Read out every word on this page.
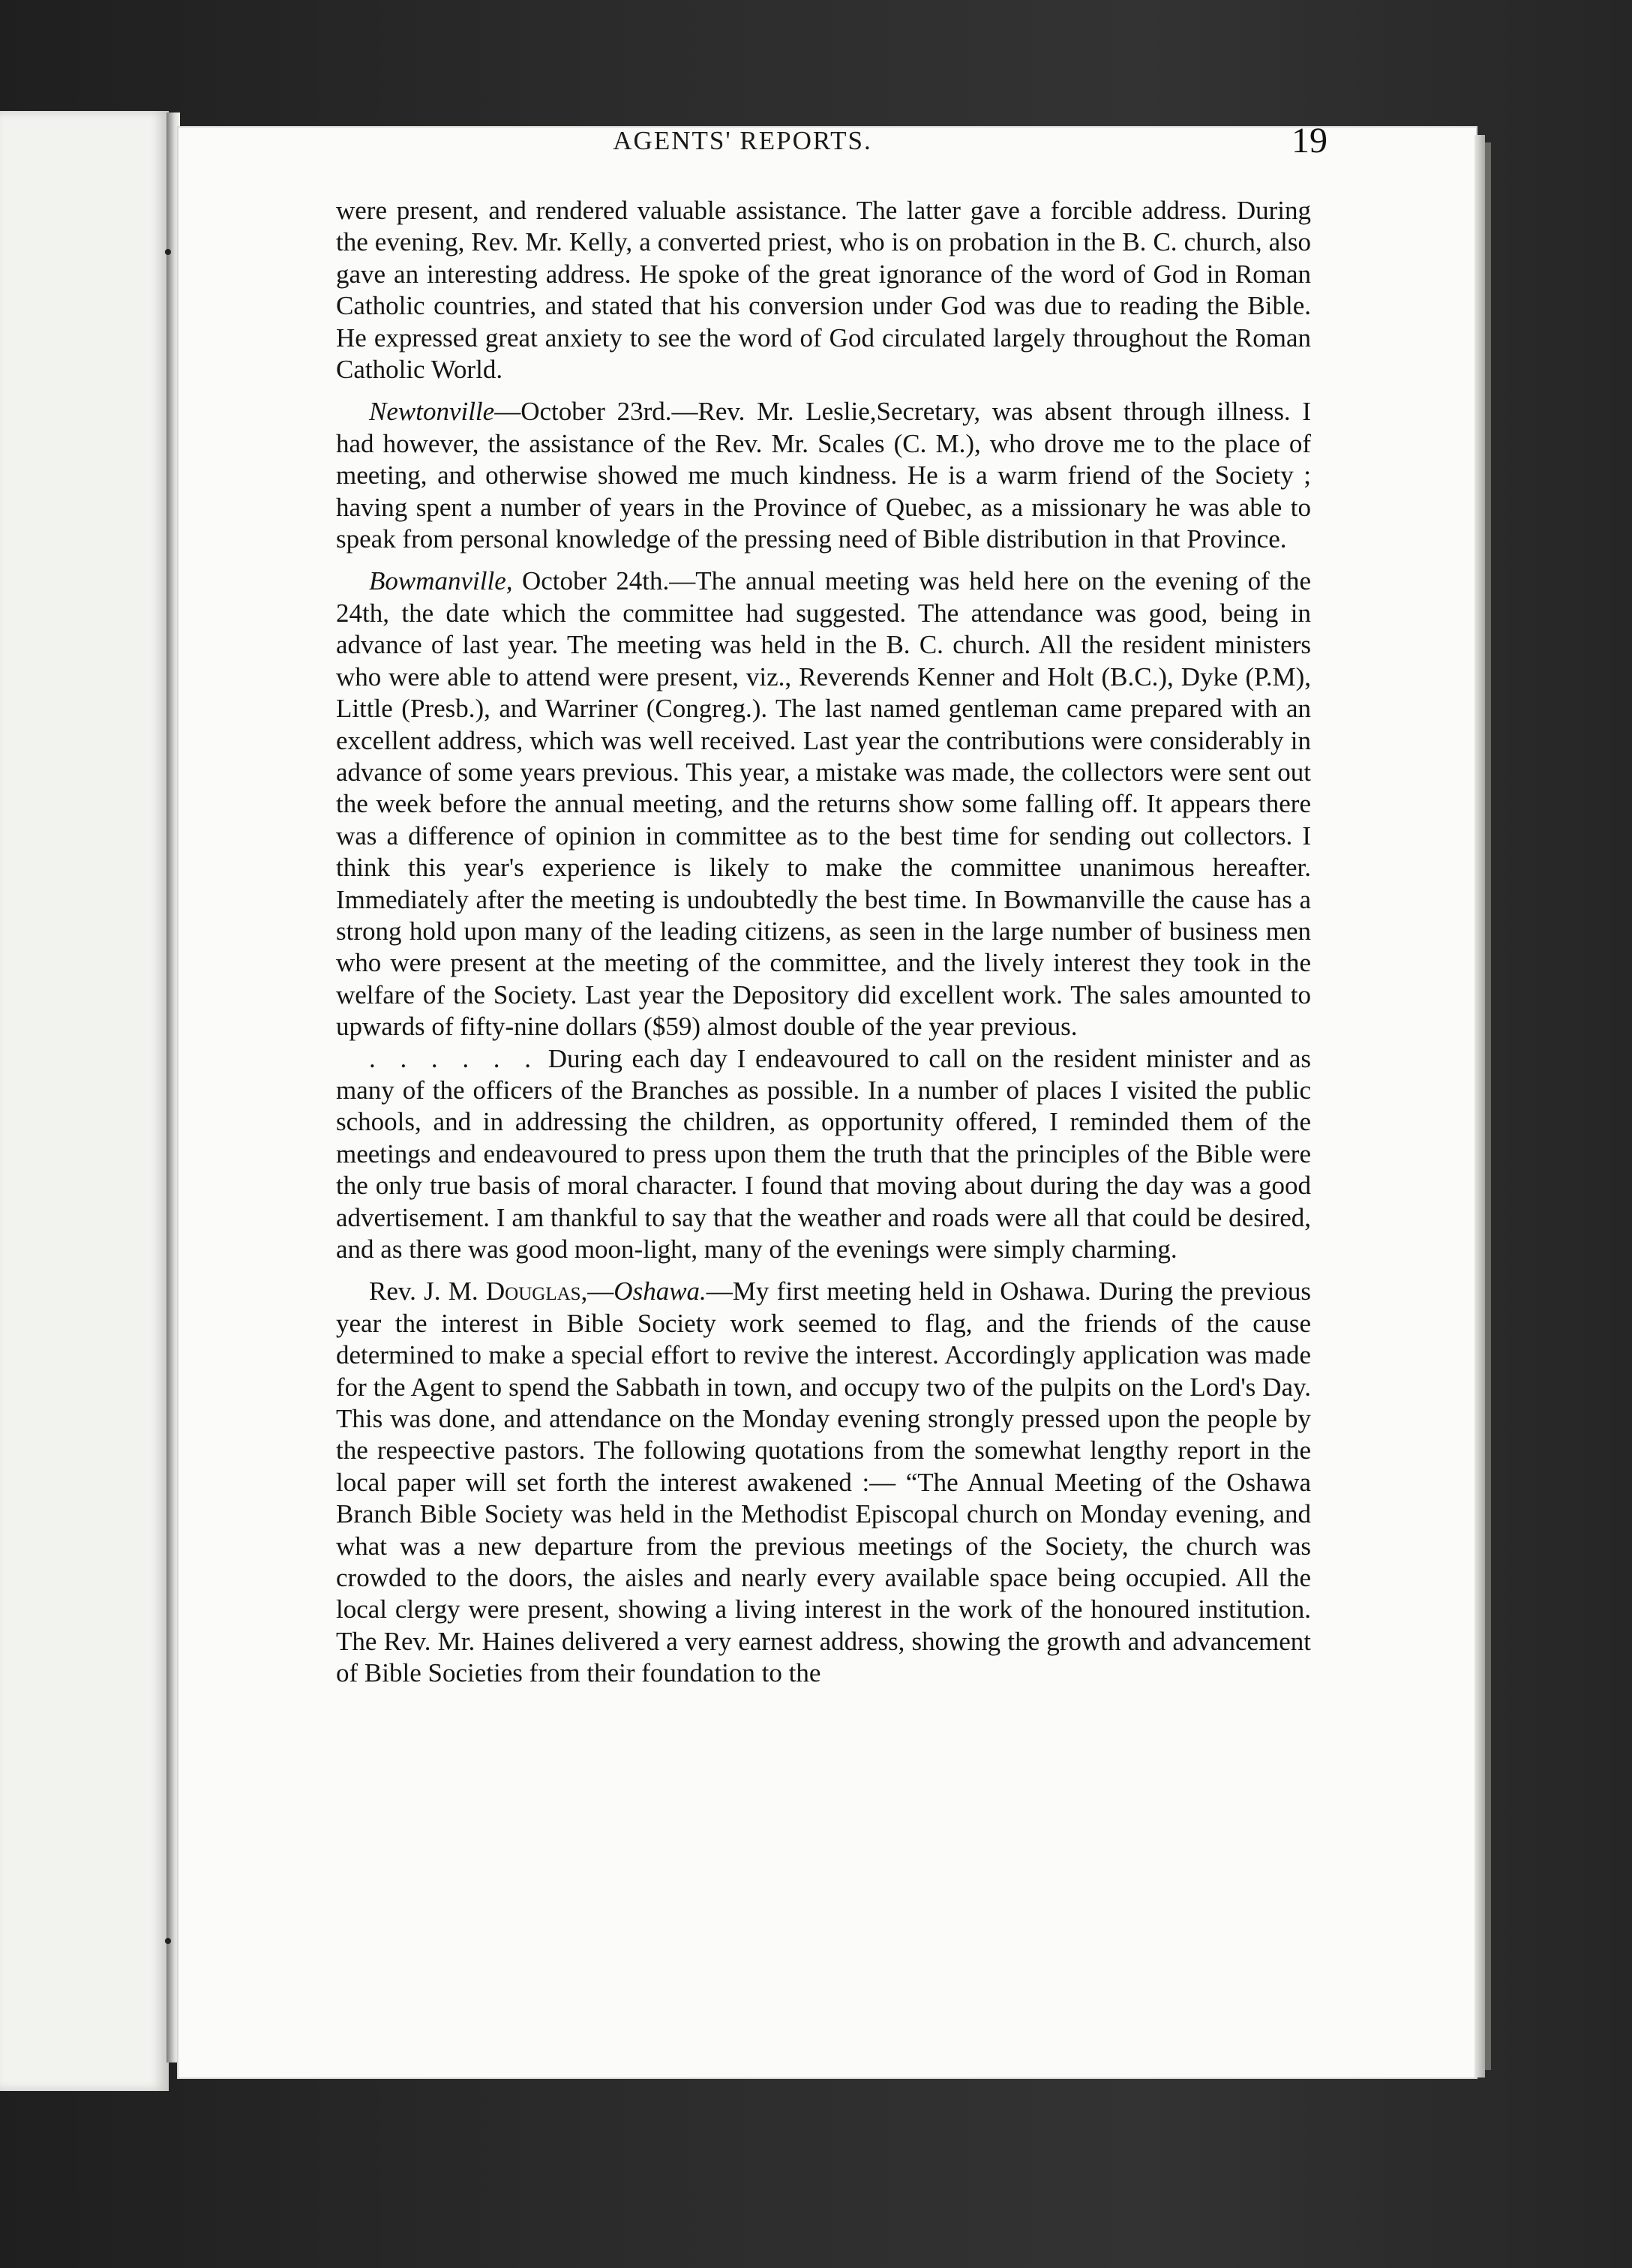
•
•
AGENTS' REPORTS.	19

were present, and rendered valuable assistance. The latter gave a forcible address. During the evening, Rev. Mr. Kelly, a converted priest, who is on probation in the B. C. church, also gave an interesting address. He spoke of the great ignorance of the word of God in Roman Catholic countries, and stated that his conversion under God was due to reading the Bible. He expressed great anxiety to see the word of God circulated largely throughout the Roman Catholic World.

Newtonville—October 23rd.—Rev. Mr. Leslie,Secretary, was absent through illness. I had however, the assistance of the Rev. Mr. Scales (C. M.), who drove me to the place of meeting, and otherwise showed me much kindness. He is a warm friend of the Society ; having spent a number of years in the Province of Quebec, as a missionary he was able to speak from personal knowledge of the pressing need of Bible distribution in that Province.

Bowmanville, October 24th.—The annual meeting was held here on the evening of the 24th, the date which the committee had suggested. The attendance was good, being in advance of last year. The meeting was held in the B. C. church. All the resident ministers who were able to attend were present, viz., Reverends Kenner and Holt (B.C.), Dyke (P.M), Little (Presb.), and Warriner (Congreg.). The last named gentleman came prepared with an excellent address, which was well received. Last year the contributions were considerably in advance of some years previous. This year, a mistake was made, the collectors were sent out the week before the annual meeting, and the returns show some falling off. It appears there was a difference of opinion in committee as to the best time for sending out collectors. I think this year's experience is likely to make the committee unanimous hereafter. Immediately after the meeting is undoubtedly the best time. In Bowmanville the cause has a strong hold upon many of the leading citizens, as seen in the large number of business men who were present at the meeting of the committee, and the lively interest they took in the welfare of the Society. Last year the Depository did excellent work. The sales amounted to upwards of fifty-nine dollars ($59) almost double of the year previous.

. . . . . . During each day I endeavoured to call on the resident minister and as many of the officers of the Branches as possible. In a number of places I visited the public schools, and in addressing the children, as opportunity offered, I reminded them of the meetings and endeavoured to press upon them the truth that the principles of the Bible were the only true basis of moral character. I found that moving about during the day was a good advertisement. I am thankful to say that the weather and roads were all that could be desired, and as there was good moon-light, many of the evenings were simply charming.

Rev. J. M. Douglas,—Oshawa.—My first meeting held in Oshawa. During the previous year the interest in Bible Society work seemed to flag, and the friends of the cause determined to make a special effort to revive the interest. Accordingly application was made for the Agent to spend the Sabbath in town, and occupy two of the pulpits on the Lord's Day. This was done, and attendance on the Monday evening strongly pressed upon the people by the respeective pastors. The following quotations from the somewhat lengthy report in the local paper will set forth the interest awakened :— “The Annual Meeting of the Oshawa Branch Bible Society was held in the Methodist Episcopal church on Monday evening, and what was a new departure from the previous meetings of the Society, the church was crowded to the doors, the aisles and nearly every available space being occupied. All the local clergy were present, showing a living interest in the work of the honoured institution. The Rev. Mr. Haines delivered a very earnest address, showing the growth and advancement of Bible Societies from their foundation to the
